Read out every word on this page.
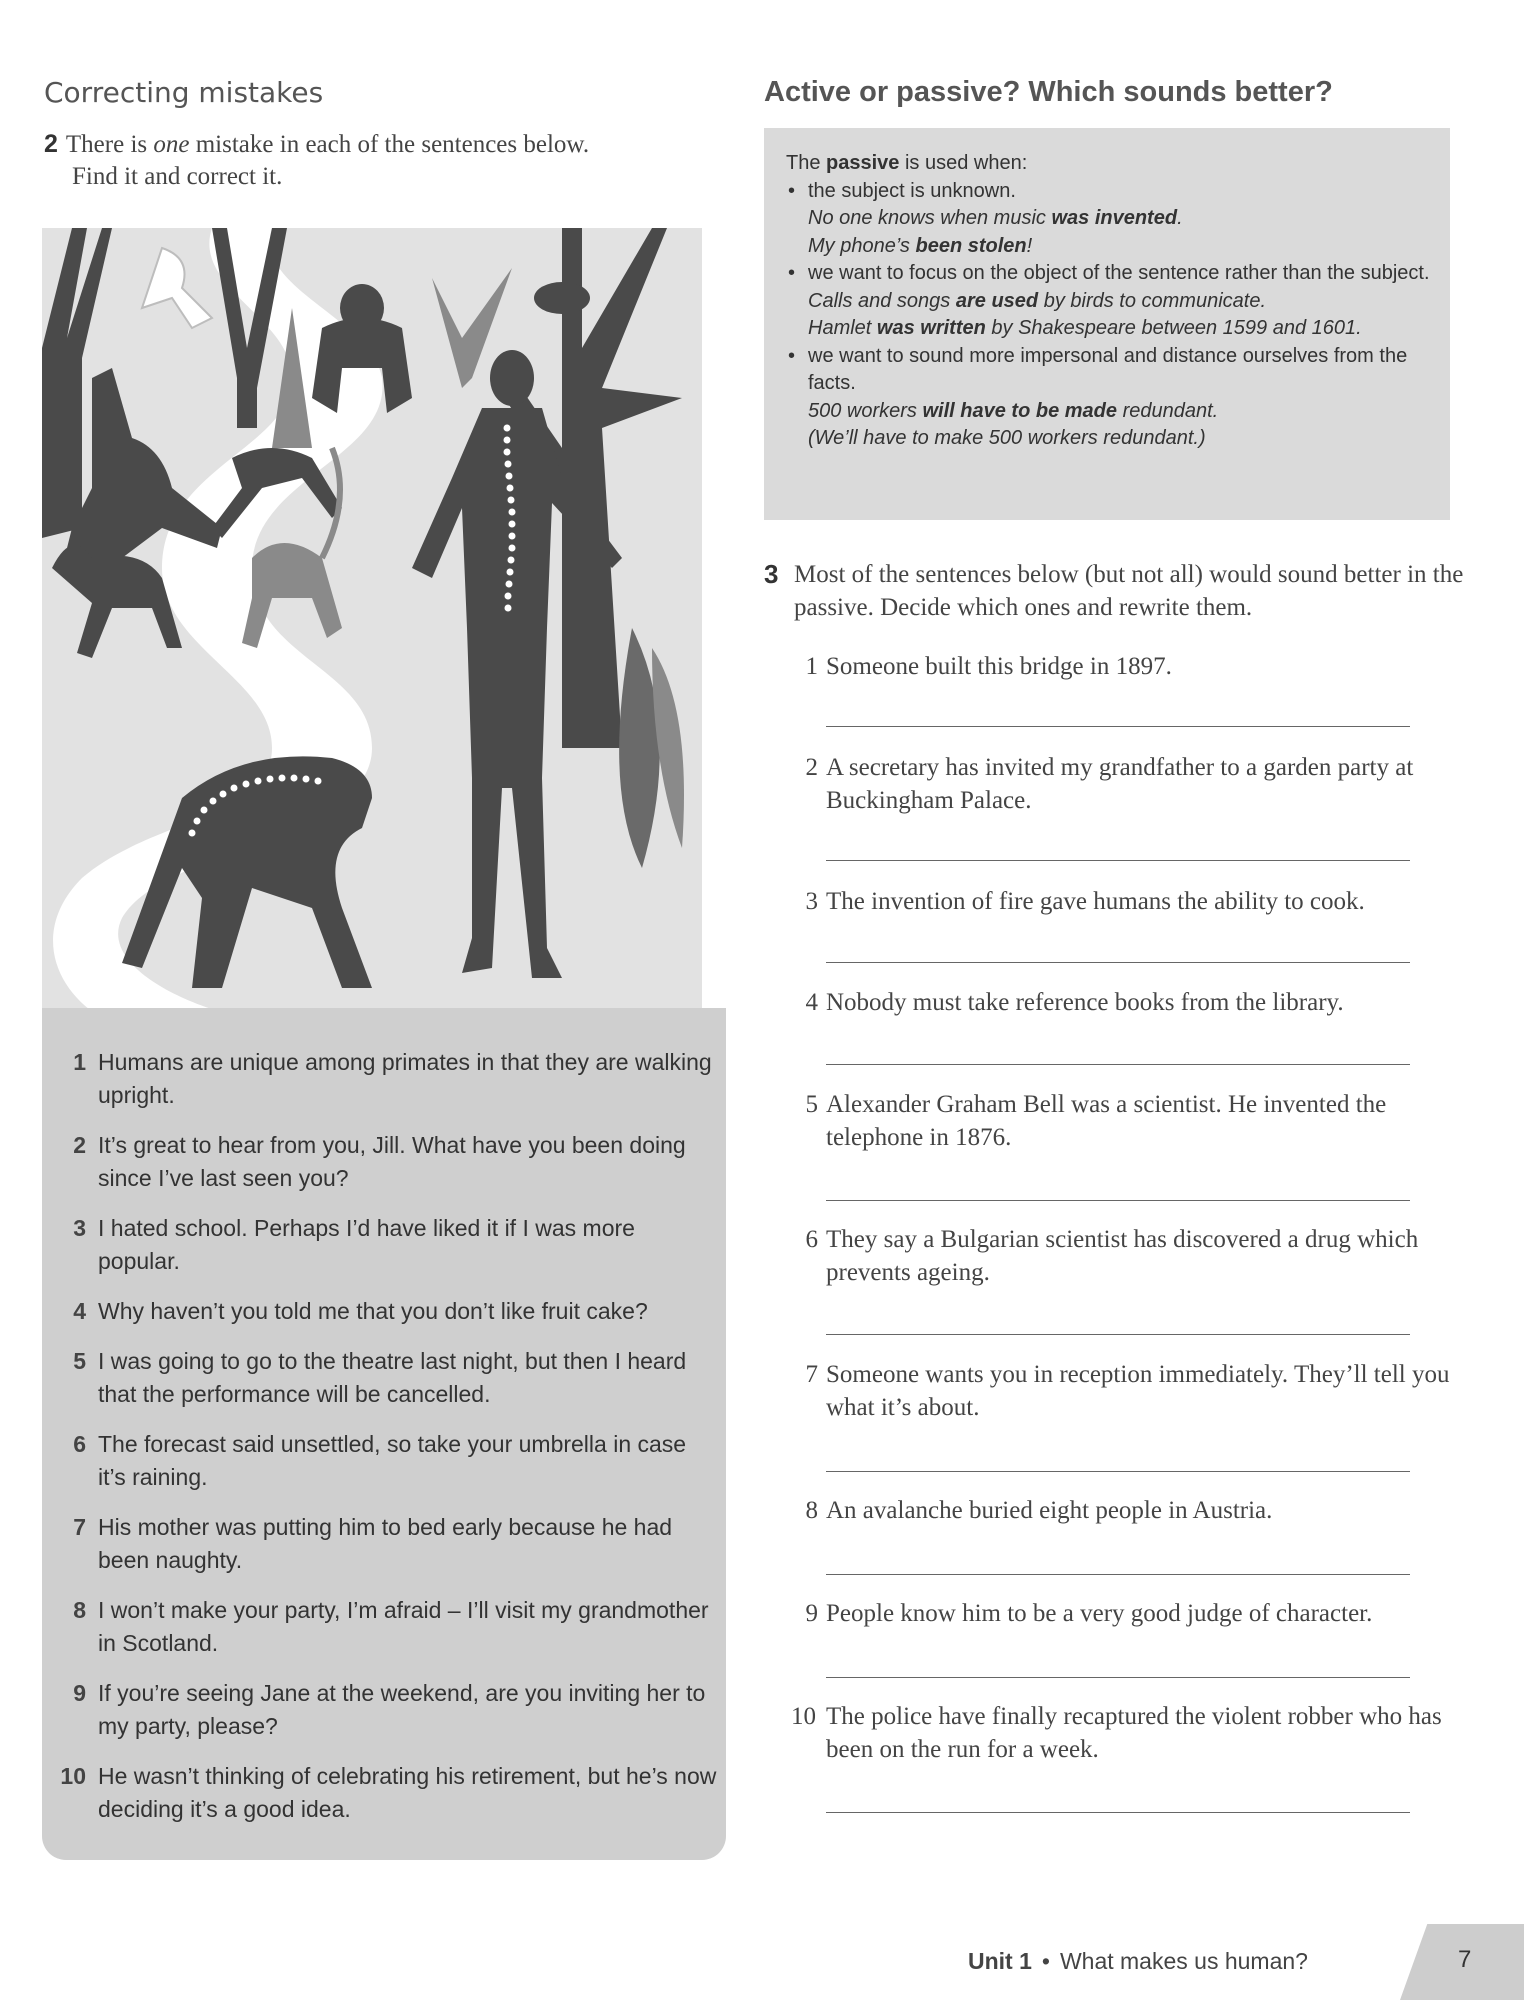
Correcting mistakes
2 There is one mistake in each of the sentences below.
Find it and correct it.
1 Humans are unique among primates in that they are walking upright.
2 It’s great to hear from you, Jill. What have you been doing since I’ve last seen you?
3 I hated school. Perhaps I’d have liked it if I was more popular.
4 Why haven’t you told me that you don’t like fruit cake?
5 I was going to go to the theatre last night, but then I heard that the performance will be cancelled.
6 The forecast said unsettled, so take your umbrella in case it’s raining.
7 His mother was putting him to bed early because he had been naughty.
8 I won’t make your party, I’m afraid – I’ll visit my grandmother in Scotland.
9 If you’re seeing Jane at the weekend, are you inviting her to my party, please?
10 He wasn’t thinking of celebrating his retirement, but he’s now deciding it’s a good idea.
Active or passive? Which sounds better?
The passive is used when:
• the subject is unknown.
No one knows when music was invented.
My phone’s been stolen!
• we want to focus on the object of the sentence rather than the subject.
Calls and songs are used by birds to communicate.
Hamlet was written by Shakespeare between 1599 and 1601.
• we want to sound more impersonal and distance ourselves from the facts.
500 workers will have to be made redundant.
(We’ll have to make 500 workers redundant.)
3 Most of the sentences below (but not all) would sound better in the passive. Decide which ones and rewrite them.
1 Someone built this bridge in 1897.
2 A secretary has invited my grandfather to a garden party at Buckingham Palace.
3 The invention of fire gave humans the ability to cook.
4 Nobody must take reference books from the library.
5 Alexander Graham Bell was a scientist. He invented the telephone in 1876.
6 They say a Bulgarian scientist has discovered a drug which prevents ageing.
7 Someone wants you in reception immediately. They’ll tell you what it’s about.
8 An avalanche buried eight people in Austria.
9 People know him to be a very good judge of character.
10 The police have finally recaptured the violent robber who has been on the run for a week.
Unit 1 • What makes us human?	7
